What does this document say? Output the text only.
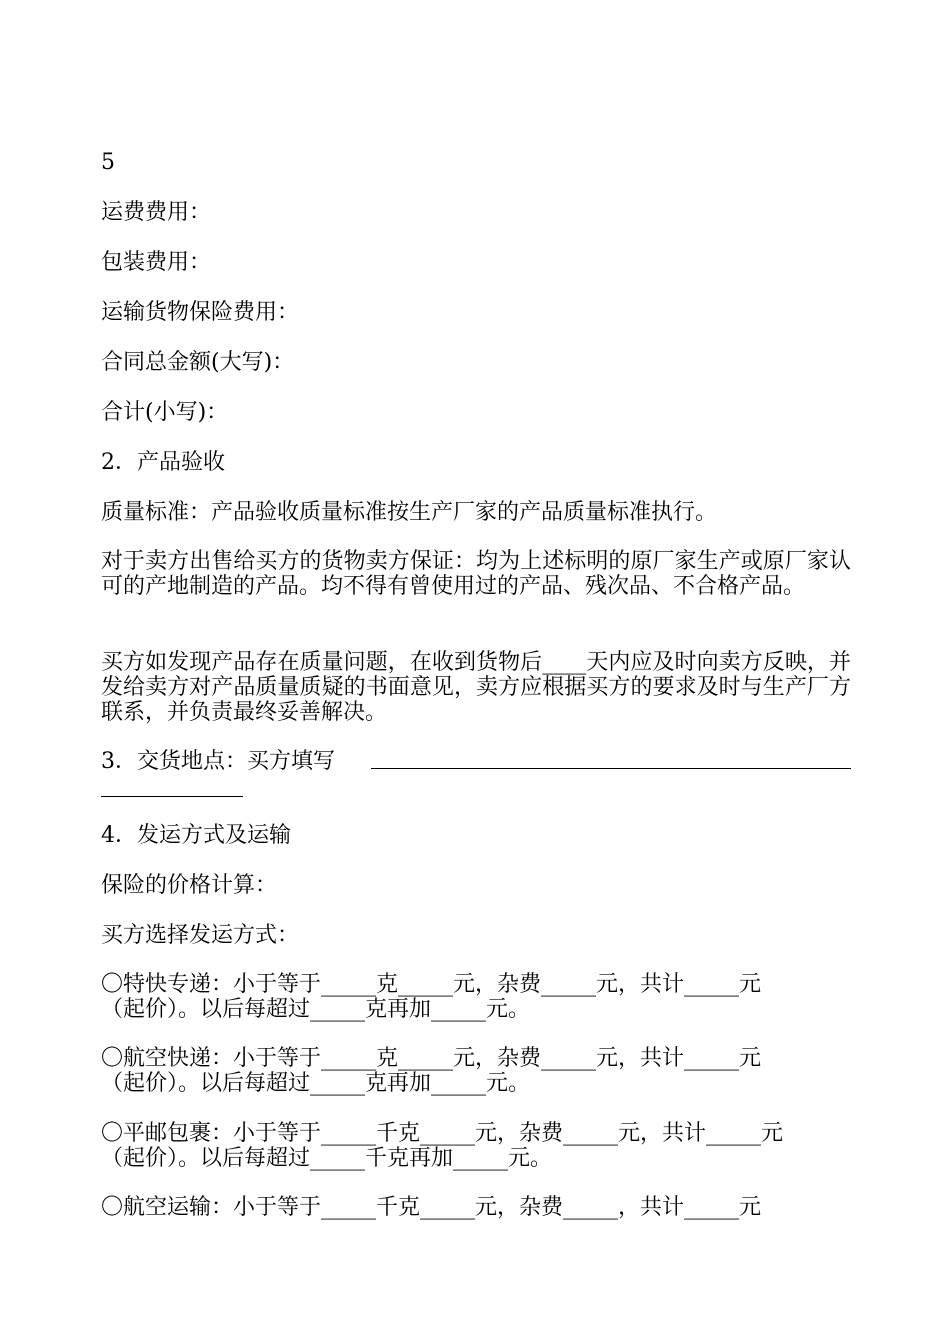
5
运费费用：
包装费用：
运输货物保险费用：
合同总金额(大写)：
合计(小写)：
2．产品验收
质量标准：产品验收质量标准按生产厂家的产品质量标准执行。
对于卖方出售给买方的货物卖方保证：均为上述标明的原厂家生产或原厂家认可的产地制造的产品。均不得有曾使用过的产品、残次品、不合格产品。
买方如发现产品存在质量问题，在收到货物后____天内应及时向卖方反映，并发给卖方对产品质量质疑的书面意见，卖方应根据买方的要求及时与生产厂方联系，并负责最终妥善解决。
3．交货地点：买方填写
4．发运方式及运输
保险的价格计算：
买方选择发运方式：
〇特快专递：小于等于_____克_____元，杂费_____元，共计_____元
（起价）。以后每超过_____克再加_____元。
〇航空快递：小于等于_____克_____元，杂费_____元，共计_____元
（起价）。以后每超过_____克再加_____元。
〇平邮包裹：小于等于_____千克_____元，杂费_____元，共计_____元
（起价）。以后每超过_____千克再加_____元。
〇航空运输：小于等于_____千克_____元，杂费_____，共计_____元
